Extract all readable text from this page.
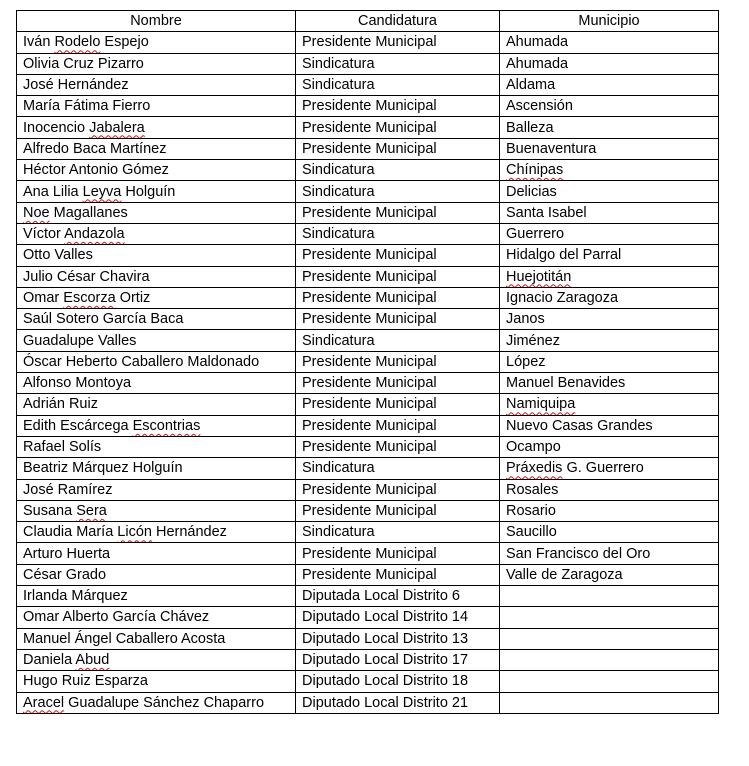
Nombre	Candidatura	Municipio
Iván Rodelo Espejo	Presidente Municipal	Ahumada
Olivia Cruz Pizarro	Sindicatura	Ahumada
José Hernández	Sindicatura	Aldama
María Fátima Fierro	Presidente Municipal	Ascensión
Inocencio Jabalera	Presidente Municipal	Balleza
Alfredo Baca Martínez	Presidente Municipal	Buenaventura
Héctor Antonio Gómez	Sindicatura	Chínipas
Ana Lilia Leyva Holguín	Sindicatura	Delicias
Noe Magallanes	Presidente Municipal	Santa Isabel
Víctor Andazola	Sindicatura	Guerrero
Otto Valles	Presidente Municipal	Hidalgo del Parral
Julio César Chavira	Presidente Municipal	Huejotitán
Omar Escorza Ortiz	Presidente Municipal	Ignacio Zaragoza
Saúl Sotero García Baca	Presidente Municipal	Janos
Guadalupe Valles	Sindicatura	Jiménez
Óscar Heberto Caballero Maldonado	Presidente Municipal	López
Alfonso Montoya	Presidente Municipal	Manuel Benavides
Adrián Ruiz	Presidente Municipal	Namiquipa
Edith Escárcega Escontrias	Presidente Municipal	Nuevo Casas Grandes
Rafael Solís	Presidente Municipal	Ocampo
Beatriz Márquez Holguín	Sindicatura	Práxedis G. Guerrero
José Ramírez	Presidente Municipal	Rosales
Susana Sera	Presidente Municipal	Rosario
Claudia María Licón Hernández	Sindicatura	Saucillo
Arturo Huerta	Presidente Municipal	San Francisco del Oro
César Grado	Presidente Municipal	Valle de Zaragoza
Irlanda Márquez	Diputada Local Distrito 6	
Omar Alberto García Chávez	Diputado Local Distrito 14	
Manuel Ángel Caballero Acosta	Diputado Local Distrito 13	
Daniela Abud	Diputado Local Distrito 17	
Hugo Ruiz Esparza	Diputado Local Distrito 18	
Aracel Guadalupe Sánchez Chaparro	Diputado Local Distrito 21	
